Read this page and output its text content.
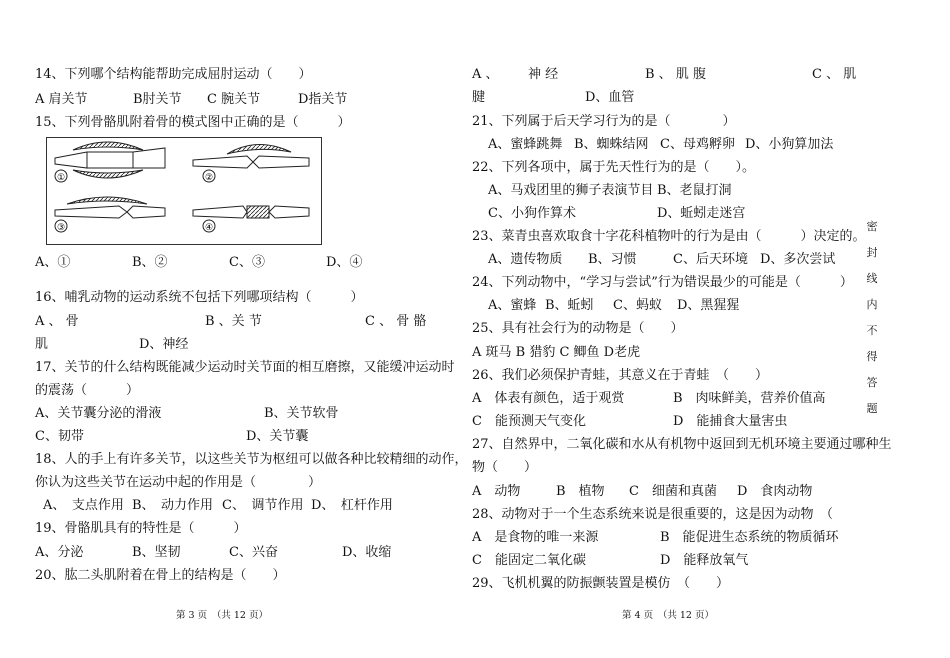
14、下列哪个结构能帮助完成屈肘运动（　　）
A 肩关节	B肘关节 C 腕关节	D指关节
15、下列骨骼肌附着骨的模式图中正确的是（　　　）
①	②
③	④
A、①	B、②	C、③	D、④
16、哺乳动物的运动系统不包括下列哪项结构（　　　）
A 、 骨	B 、关 节	C 、 骨 骼
肌	D、神经
17、关节的什么结构既能减少运动时关节面的相互磨擦，又能缓冲运动时
的震荡（　　　）
A、关节囊分泌的滑液	B、关节软骨
C、韧带	D、关节囊
18、人的手上有许多关节，以这些关节为枢纽可以做各种比较精细的动作，
你认为这些关节在运动中起的作用是（　　　　）
A、　支点作用 B、　动力作用 C、　调节作用 D、　杠杆作用
19、骨骼肌具有的特性是（　　　）
A、分泌	B、坚韧	C、兴奋	D、收缩
20、肱二头肌附着在骨上的结构是（　　）
第 3 页　（共 12 页）
A 、 神 经	B 、 肌 腹	C 、 肌
腱	D、血管
21、下列属于后天学习行为的是（　　　　）
A、蜜蜂跳舞 B、蜘蛛结网 C、母鸡孵卵 D、小狗算加法
22、下列各项中，属于先天性行为的是（　　）。
A、马戏团里的狮子表演节目 B、老鼠打洞
C、小狗作算术	D、蚯蚓走迷宫
23、菜青虫喜欢取食十字花科植物叶的行为是由（　　　）决定的。
A、遗传物质 B、习惯	C、后天环境 D、多次尝试
24、下列动物中，“学习与尝试”行为错误最少的可能是（　　　）
A、蜜蜂 B、蚯蚓 C、蚂蚁 D、黑猩猩
25、具有社会行为的动物是（　　）
A 斑马 B 猎豹 C 鲫鱼 D老虎
26、我们必须保护青蛙，其意义在于青蛙　（　　）
A　体表有颜色，适于观赏	B　肉味鲜美，营养价值高
C　能预测天气变化	D　能捕食大量害虫
27、自然界中，二氧化碳和水从有机物中返回到无机环境主要通过哪种生
物（　　）
A　动物	B　植物 C　细菌和真菌 D　食肉动物
28、动物对于一个生态系统来说是很重要的，这是因为动物　（　　　
A　是食物的唯一来源	B　能促进生态系统的物质循环
C　能固定二氧化碳	D　能释放氧气
29、飞机机翼的防振颤装置是模仿　（　　）
第 4 页　（共 12 页）
密
封
线
内
不
得
答
题
